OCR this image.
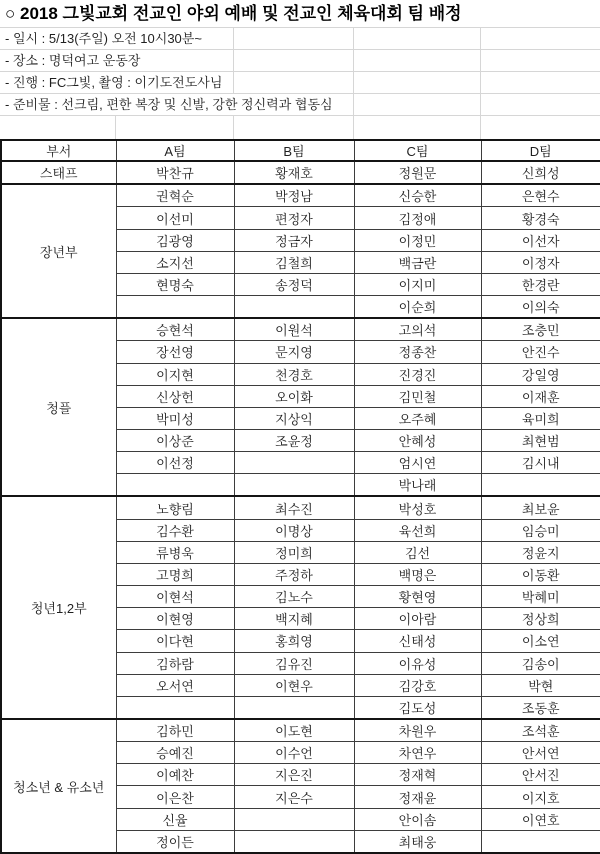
○ 2018 그빛교회 전교인 야외 예배 및 전교인 체육대회 팀 배정
- 일시 : 5/13(주일) 오전 10시30분~
- 장소 : 명덕여고 운동장
- 진행 : FC그빛, 촬영 : 이기도전도사님
- 준비물 : 선크림, 편한 복장 및 신발, 강한 정신력과 협동심
부서	A팀	B팀	C팀	D팀
스태프	박찬규	황재호	정원문	신희성
장년부	권혁순	박정남	신승한	은현수
	이선미	편정자	김정애	황경숙
	김광영	정금자	이정민	이선자
	소지선	김철희	백금란	이정자
	현명숙	송정덕	이지미	한경란
			이순희	이의숙
청플	승현석	이원석	고의석	조충민
	장선영	문지영	정종찬	안진수
	이지현	천경호	진경진	강일영
	신상헌	오이화	김민철	이재훈
	박미성	지상익	오주혜	육미희
	이상준	조윤정	안혜성	최현범
	이선정		엄시연	김시내
			박나래	
청년1,2부	노향림	최수진	박성호	최보윤
	김수환	이명상	육선희	임승미
	류병욱	정미희	김선	정윤지
	고명희	주정하	백명은	이동환
	이현석	김노수	황현영	박혜미
	이현영	백지혜	이아람	정상희
	이다현	홍희영	신태성	이소연
	김하람	김유진	이유성	김송이
	오서연	이현우	김강호	박현
			김도성	조동훈
청소년 & 유소년	김하민	이도현	차원우	조석훈
	승예진	이수언	차연우	안서연
	이예찬	지은진	정재혁	안서진
	이은찬	지은수	정재윤	이지호
	신율		안이솜	이연호
	정이든		최태웅	
